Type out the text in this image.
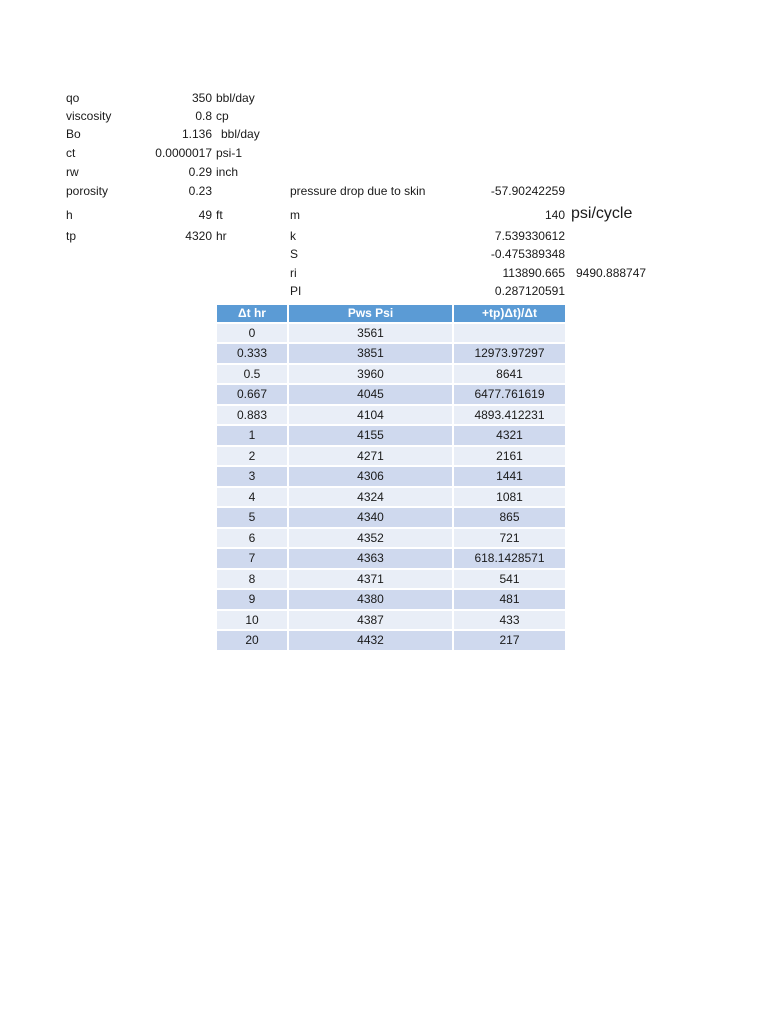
qo	350 bbl/day
viscosity	0.8 cp
Bo	1.136 bbl/day
ct	0.0000017 psi-1
rw	0.29 inch
porosity	0.23
h	49 ft
tp	4320 hr
pressure drop due to skin	-57.90242259
m	140 psi/cycle
k	7.539330612
S	-0.475389348
ri	113890.665 9490.888747
PI	0.287120591
Δt hr	Pws Psi	+tp)Δt)/Δt
0	3561	
0.333	3851	12973.97297
0.5	3960	8641
0.667	4045	6477.761619
0.883	4104	4893.412231
1	4155	4321
2	4271	2161
3	4306	1441
4	4324	1081
5	4340	865
6	4352	721
7	4363	618.1428571
8	4371	541
9	4380	481
10	4387	433
20	4432	217
